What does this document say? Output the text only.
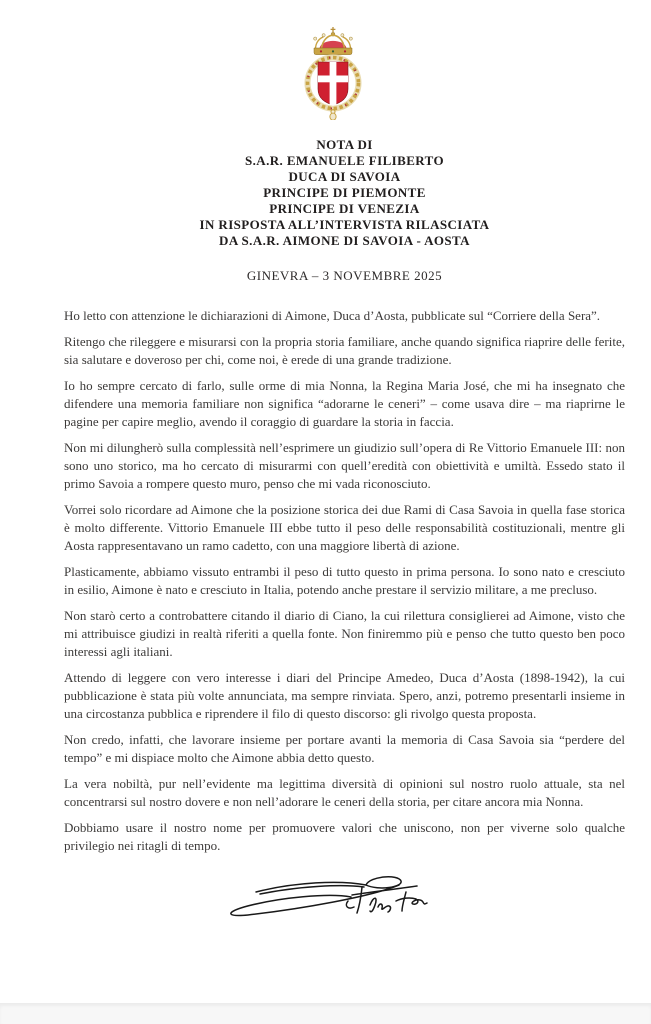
NOTA DI
S.A.R. EMANUELE FILIBERTO
DUCA DI SAVOIA
PRINCIPE DI PIEMONTE
PRINCIPE DI VENEZIA
IN RISPOSTA ALL’INTERVISTA RILASCIATA
DA S.A.R. AIMONE DI SAVOIA - AOSTA
GINEVRA – 3 NOVEMBRE 2025

Ho letto con attenzione le dichiarazioni di Aimone, Duca d’Aosta, pubblicate sul “Corriere della Sera”.

Ritengo che rileggere e misurarsi con la propria storia familiare, anche quando significa riaprire delle ferite, sia salutare e doveroso per chi, come noi, è erede di una grande tradizione.

Io ho sempre cercato di farlo, sulle orme di mia Nonna, la Regina Maria José, che mi ha insegnato che difendere una memoria familiare non significa “adorarne le ceneri” – come usava dire – ma riaprirne le pagine per capire meglio, avendo il coraggio di guardare la storia in faccia.

Non mi dilungherò sulla complessità nell’esprimere un giudizio sull’opera di Re Vittorio Emanuele III: non sono uno storico, ma ho cercato di misurarmi con quell’eredità con obiettività e umiltà. Essedo stato il primo Savoia a rompere questo muro, penso che mi vada riconosciuto.

Vorrei solo ricordare ad Aimone che la posizione storica dei due Rami di Casa Savoia in quella fase storica è molto differente. Vittorio Emanuele III ebbe tutto il peso delle responsabilità costituzionali, mentre gli Aosta rappresentavano un ramo cadetto, con una maggiore libertà di azione.

Plasticamente, abbiamo vissuto entrambi il peso di tutto questo in prima persona. Io sono nato e cresciuto in esilio, Aimone è nato e cresciuto in Italia, potendo anche prestare il servizio militare, a me precluso.

Non starò certo a controbattere citando il diario di Ciano, la cui rilettura consiglierei ad Aimone, visto che mi attribuisce giudizi in realtà riferiti a quella fonte. Non finiremmo più e penso che tutto questo ben poco interessi agli italiani.

Attendo di leggere con vero interesse i diari del Principe Amedeo, Duca d’Aosta (1898-1942), la cui pubblicazione è stata più volte annunciata, ma sempre rinviata. Spero, anzi, potremo presentarli insieme in una circostanza pubblica e riprendere il filo di questo discorso: gli rivolgo questa proposta.

Non credo, infatti, che lavorare insieme per portare avanti la memoria di Casa Savoia sia “perdere del tempo” e mi dispiace molto che Aimone abbia detto questo.

La vera nobiltà, pur nell’evidente ma legittima diversità di opinioni sul nostro ruolo attuale, sta nel concentrarsi sul nostro dovere e non nell’adorare le ceneri della storia, per citare ancora mia Nonna.

Dobbiamo usare il nostro nome per promuovere valori che uniscono, non per viverne solo qualche privilegio nei ritagli di tempo.
